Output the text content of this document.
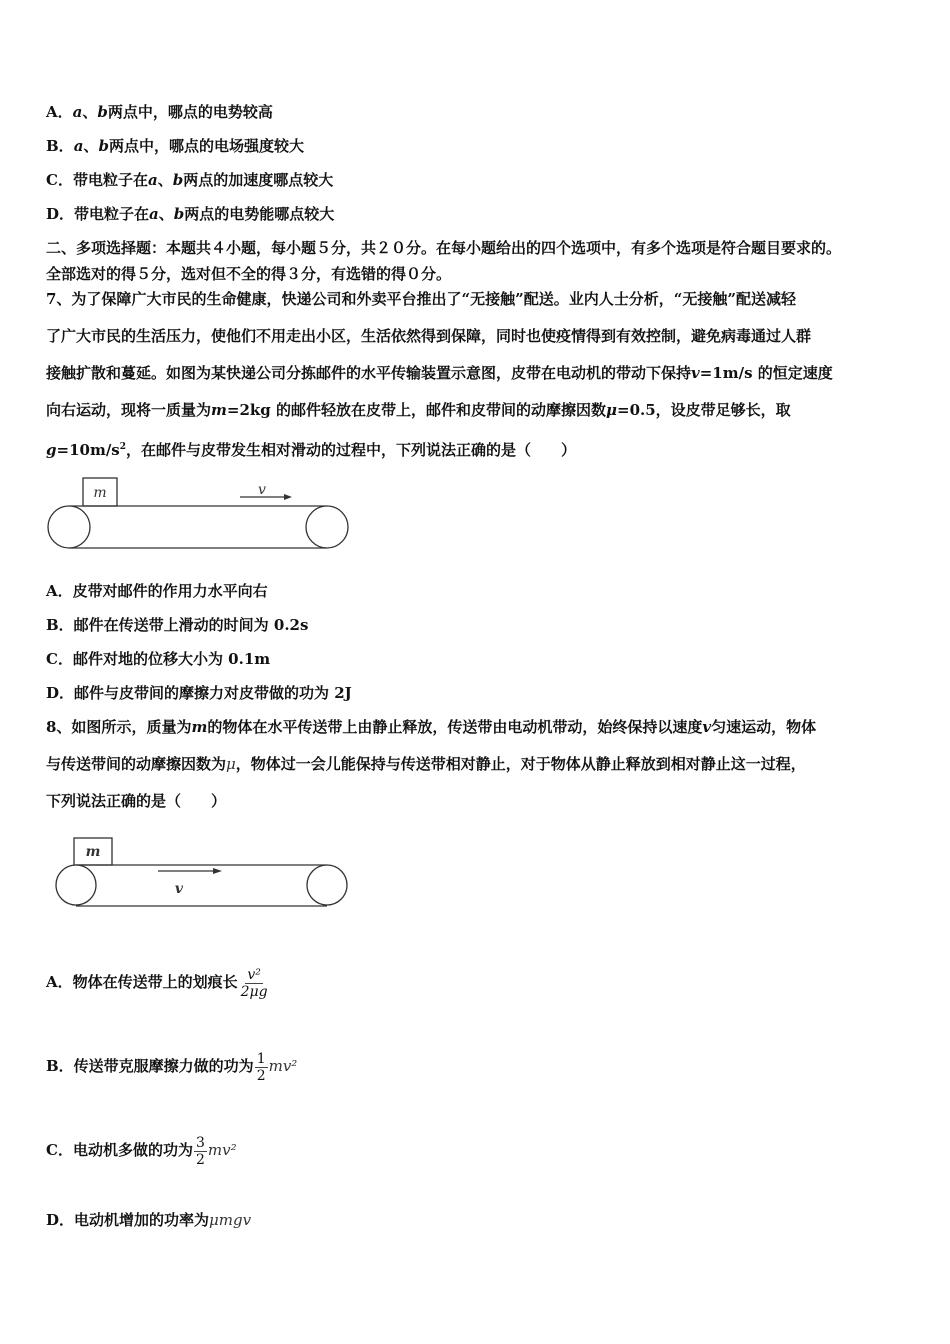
A．a、b两点中，哪点的电势较高
B．a、b两点中，哪点的电场强度较大
C．带电粒子在a、b两点的加速度哪点较大
D．带电粒子在a、b两点的电势能哪点较大
二、多项选择题：本题共４小题，每小题５分，共２０分。在每小题给出的四个选项中，有多个选项是符合题目要求的。
全部选对的得５分，选对但不全的得３分，有选错的得０分。
7、为了保障广大市民的生命健康，快递公司和外卖平台推出了“无接触”配送。业内人士分析，“无接触”配送减轻
了广大市民的生活压力，使他们不用走出小区，生活依然得到保障，同时也使疫情得到有效控制，避免病毒通过人群
接触扩散和蔓延。如图为某快递公司分拣邮件的水平传输装置示意图，皮带在电动机的带动下保持v=1m/s 的恒定速度
向右运动，现将一质量为m=2kg 的邮件轻放在皮带上，邮件和皮带间的动摩擦因数μ=0.5，设皮带足够长，取
$g=10m/s^2$，在邮件与皮带发生相对滑动的过程中，下列说法正确的是（　　）
m	v
A．皮带对邮件的作用力水平向右
B．邮件在传送带上滑动的时间为 0.2s
C．邮件对地的位移大小为 0.1m
D．邮件与皮带间的摩擦力对皮带做的功为 2J
8、如图所示，质量为m的物体在水平传送带上由静止释放，传送带由电动机带动，始终保持以速度v匀速运动，物体
与传送带间的动摩擦因数为μ，物体过一会儿能保持与传送带相对静止，对于物体从静止释放到相对静止这一过程，
下列说法正确的是（　　）
m
v
A．物体在传送带上的划痕长 $\frac{\text{v²}}{2\mu g}$
B．传送带克服摩擦力做的功为 $\frac{1}{2} mv^2$
C．电动机多做的功为 $\frac{3}{2} mv^2$
D．电动机增加的功率为μmgv
